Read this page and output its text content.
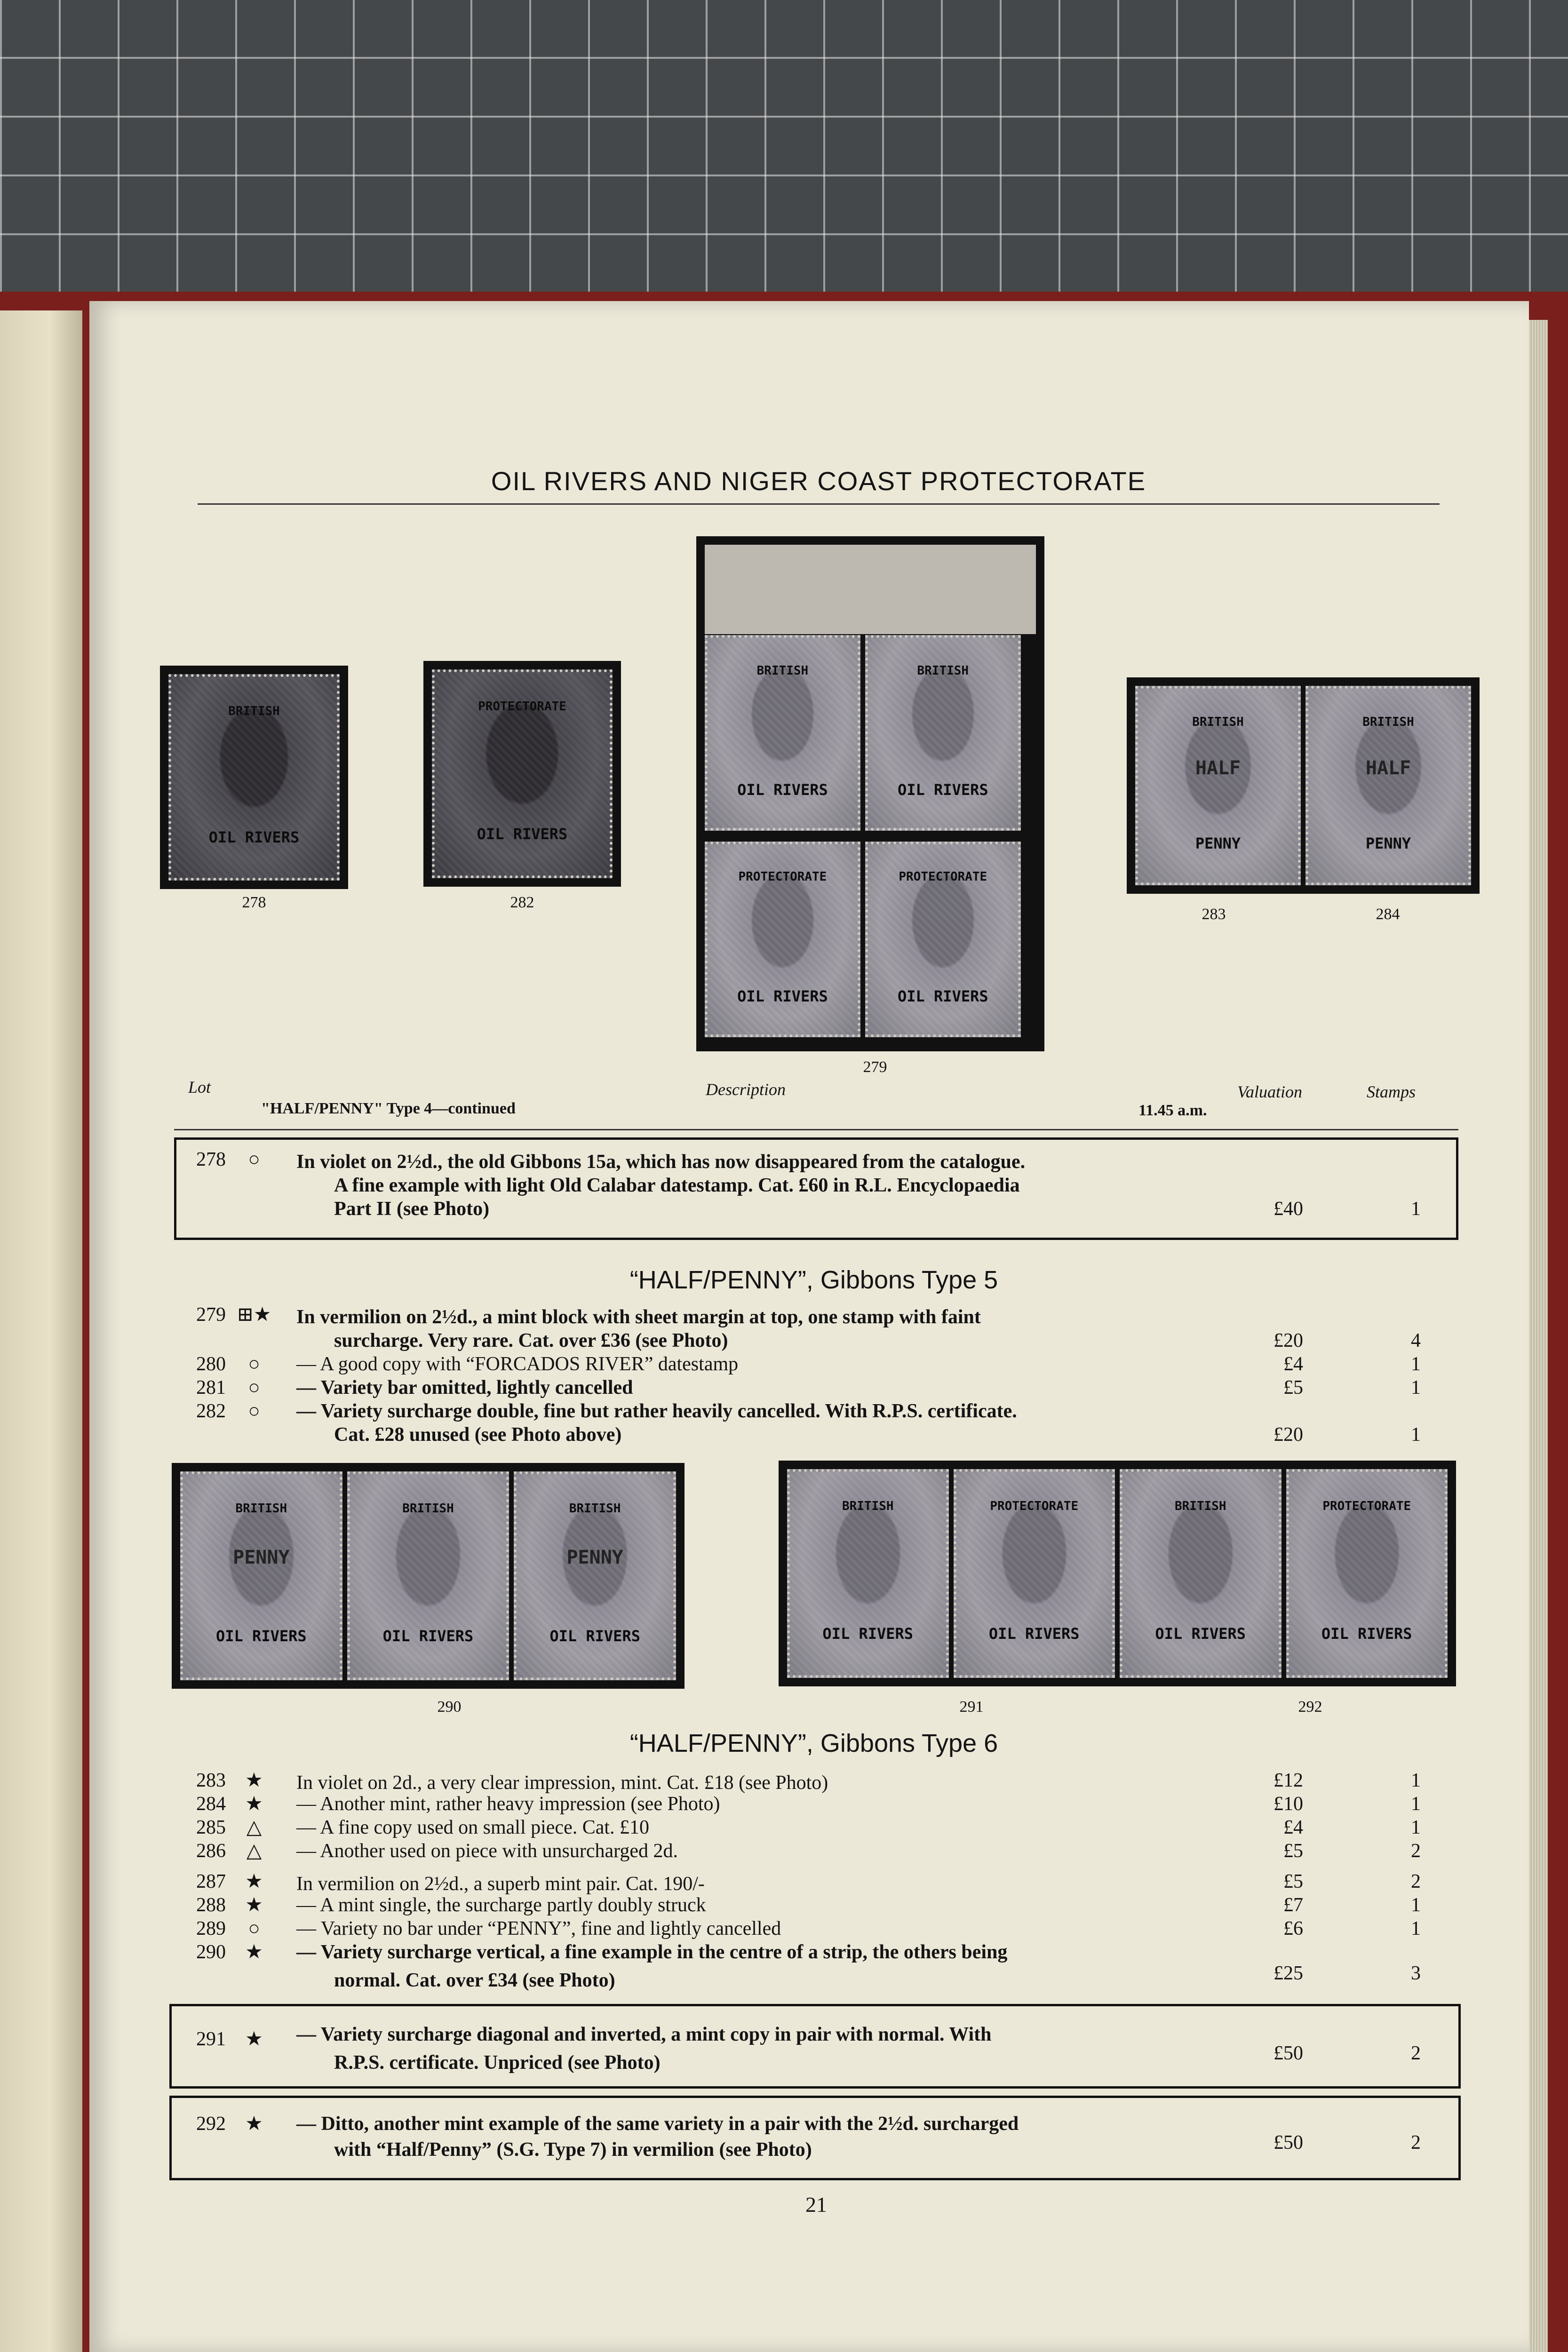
OIL RIVERS AND NIGER COAST PROTECTORATE
BRITISH
OIL RIVERS
278
PROTECTORATE
OIL RIVERS
282
BRITISH
OIL RIVERS
BRITISH
OIL RIVERS
PROTECTORATE
OIL RIVERS
PROTECTORATE
OIL RIVERS
279
BRITISH
HALF
PENNY
BRITISH
HALF
PENNY
283	284
Lot	Description	Valuation	Stamps
"HALF/PENNY" Type 4—continued	11.45 a.m.
278	○	In violet on 2½d., the old Gibbons 15a, which has now disappeared from the catalogue.
A fine example with light Old Calabar datestamp. Cat. £60 in R.L. Encyclopaedia
Part II (see Photo)	£40	1
“HALF/PENNY”, Gibbons Type 5
279 ⊞★ In vermilion on 2½d., a mint block with sheet margin at top, one stamp with faint
surcharge. Very rare. Cat. over £36 (see Photo)	£20	4
280	○	— A good copy with “FORCADOS RIVER” datestamp	£4	1
281	○	— Variety bar omitted, lightly cancelled	£5	1
282	○	— Variety surcharge double, fine but rather heavily cancelled. With R.P.S. certificate.
Cat. £28 unused (see Photo above)	£20	1
BRITISH
PENNY
OIL RIVERS
BRITISH
OIL RIVERS
BRITISH
PENNY
OIL RIVERS
290
BRITISH
OIL RIVERS
PROTECTORATE
OIL RIVERS
BRITISH
OIL RIVERS
PROTECTORATE
OIL RIVERS
291	292
“HALF/PENNY”, Gibbons Type 6
283 ★	In violet on 2d., a very clear impression, mint. Cat. £18 (see Photo)	£12	1
284 ★	— Another mint, rather heavy impression (see Photo)	£10	1
285	△	— A fine copy used on small piece. Cat. £10	£4	1
286	△	— Another used on piece with unsurcharged 2d.	£5	2
287 ★	In vermilion on 2½d., a superb mint pair. Cat. 190/-	£5	2
288 ★	— A mint single, the surcharge partly doubly struck	£7	1
289	○	— Variety no bar under “PENNY”, fine and lightly cancelled	£6	1
290 ★	— Variety surcharge vertical, a fine example in the centre of a strip, the others being
normal. Cat. over £34 (see Photo)	£25	3
291 ★	— Variety surcharge diagonal and inverted, a mint copy in pair with normal. With
R.P.S. certificate. Unpriced (see Photo)	£50	2
292 ★	— Ditto, another mint example of the same variety in a pair with the 2½d. surcharged
with “Half/Penny” (S.G. Type 7) in vermilion (see Photo)	£50	2
21
